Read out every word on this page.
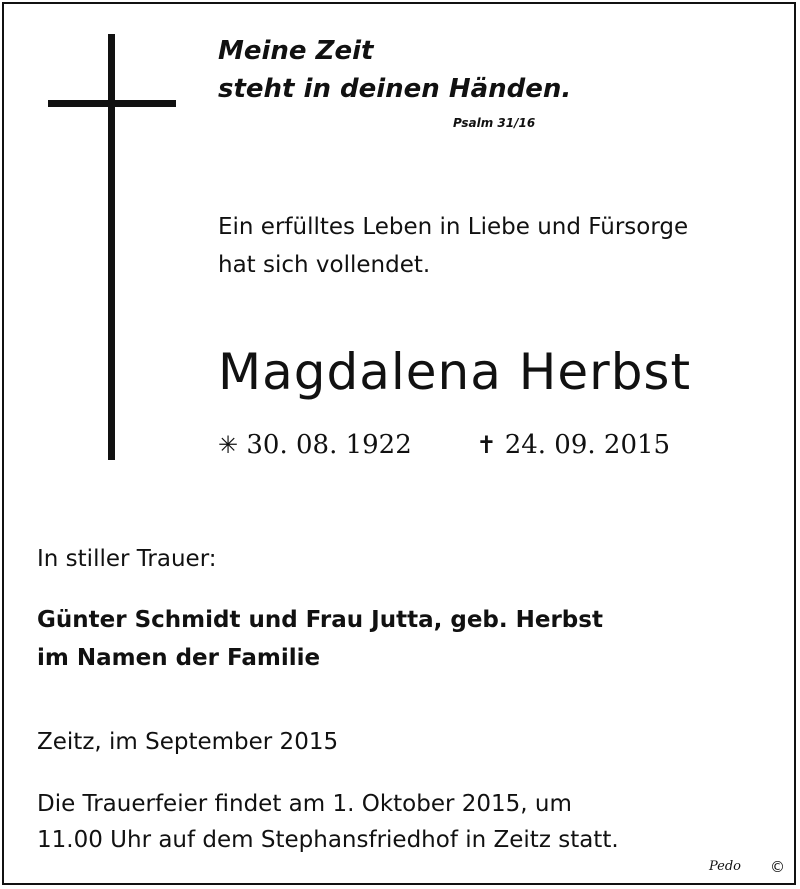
Meine Zeit
steht in deinen Händen.
Psalm 31/16
Ein erfülltes Leben in Liebe und Fürsorge
hat sich vollendet.
Magdalena Herbst
✳ 30. 08. 1922	✝ 24. 09. 2015
In stiller Trauer:
Günter Schmidt und Frau Jutta, geb. Herbst
im Namen der Familie
Zeitz, im September 2015
Die Trauerfeier findet am 1. Oktober 2015, um
11.00 Uhr auf dem Stephansfriedhof in Zeitz statt.
Pedo ©
